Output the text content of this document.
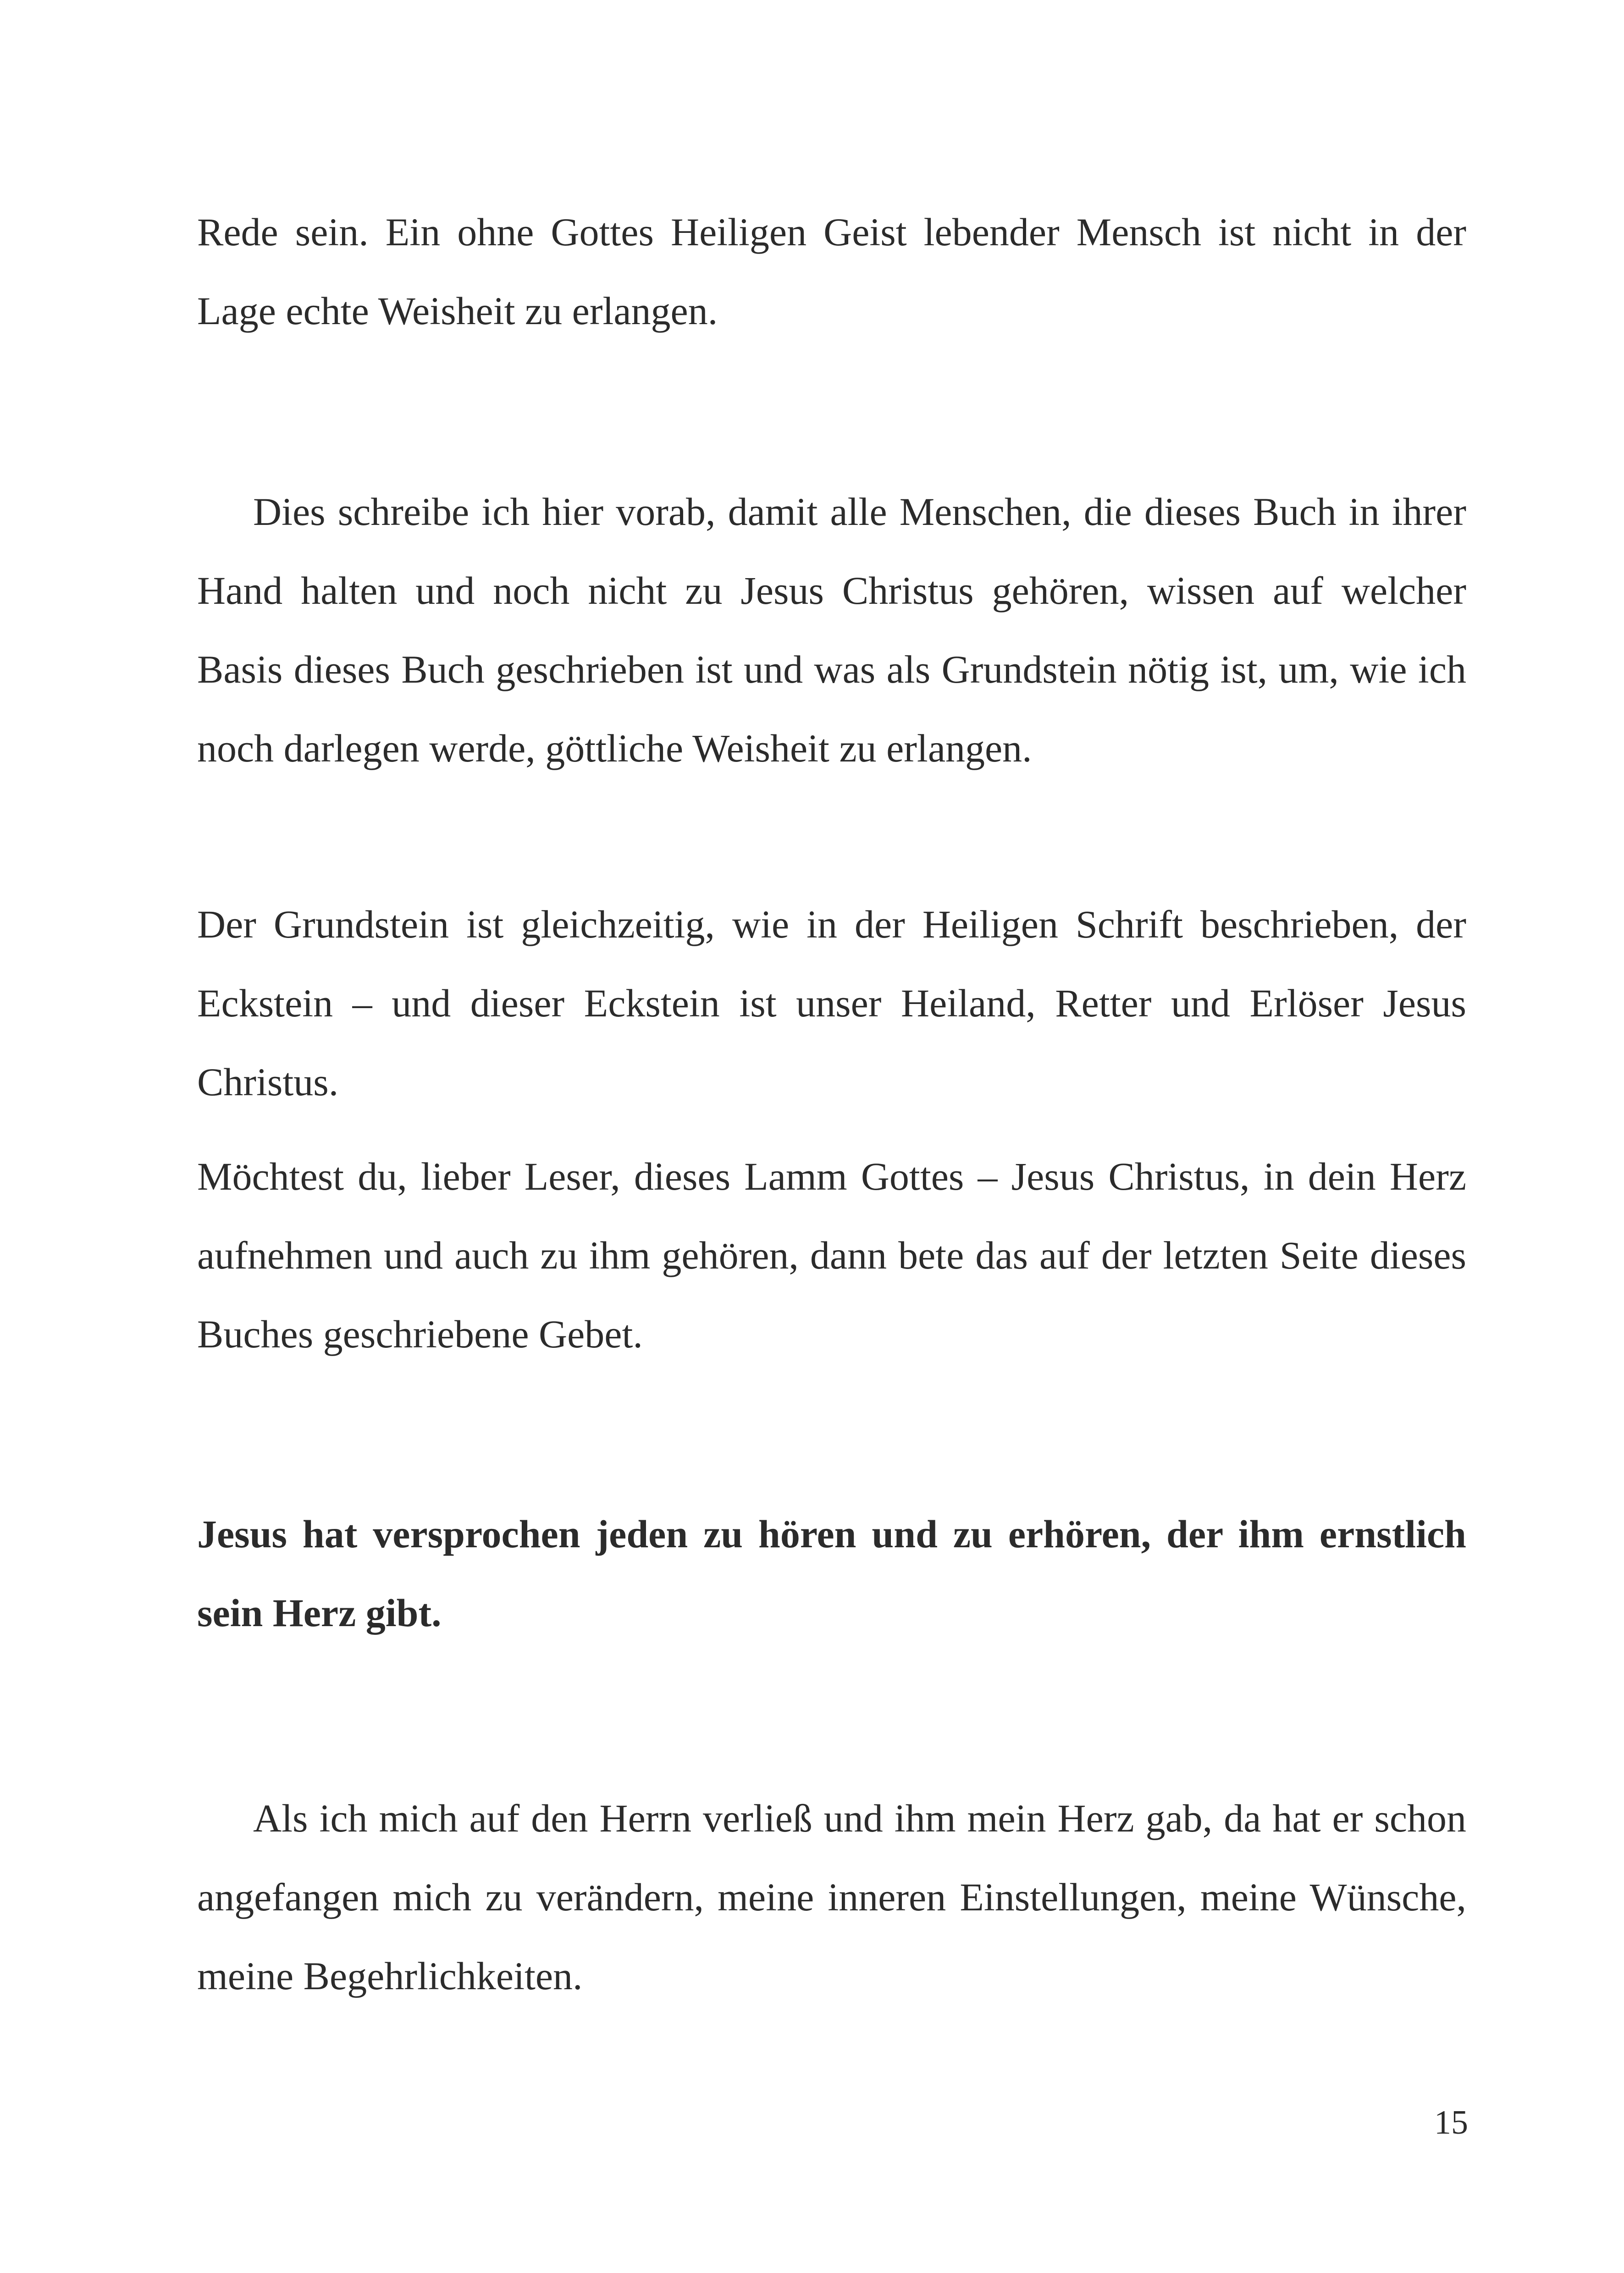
Rede sein. Ein ohne Gottes Heiligen Geist lebender Mensch ist nicht in der Lage echte Weisheit zu erlangen.

Dies schreibe ich hier vorab, damit alle Menschen, die dieses Buch in ihrer Hand halten und noch nicht zu Jesus Christus gehören, wissen auf welcher Basis dieses Buch geschrieben ist und was als Grundstein nötig ist, um, wie ich noch darlegen werde, göttliche Weisheit zu erlangen.

Der Grundstein ist gleichzeitig, wie in der Heiligen Schrift beschrieben, der Eckstein – und dieser Eckstein ist unser Heiland, Retter und Erlöser Jesus Christus.

Möchtest du, lieber Leser, dieses Lamm Gottes – Jesus Christus, in dein Herz aufnehmen und auch zu ihm gehören, dann bete das auf der letzten Seite dieses Buches geschriebene Gebet.

Jesus hat versprochen jeden zu hören und zu erhören, der ihm ernstlich sein Herz gibt.

Als ich mich auf den Herrn verließ und ihm mein Herz gab, da hat er schon angefangen mich zu verändern, meine inneren Einstellungen, meine Wünsche, meine Begehrlichkeiten.

15
